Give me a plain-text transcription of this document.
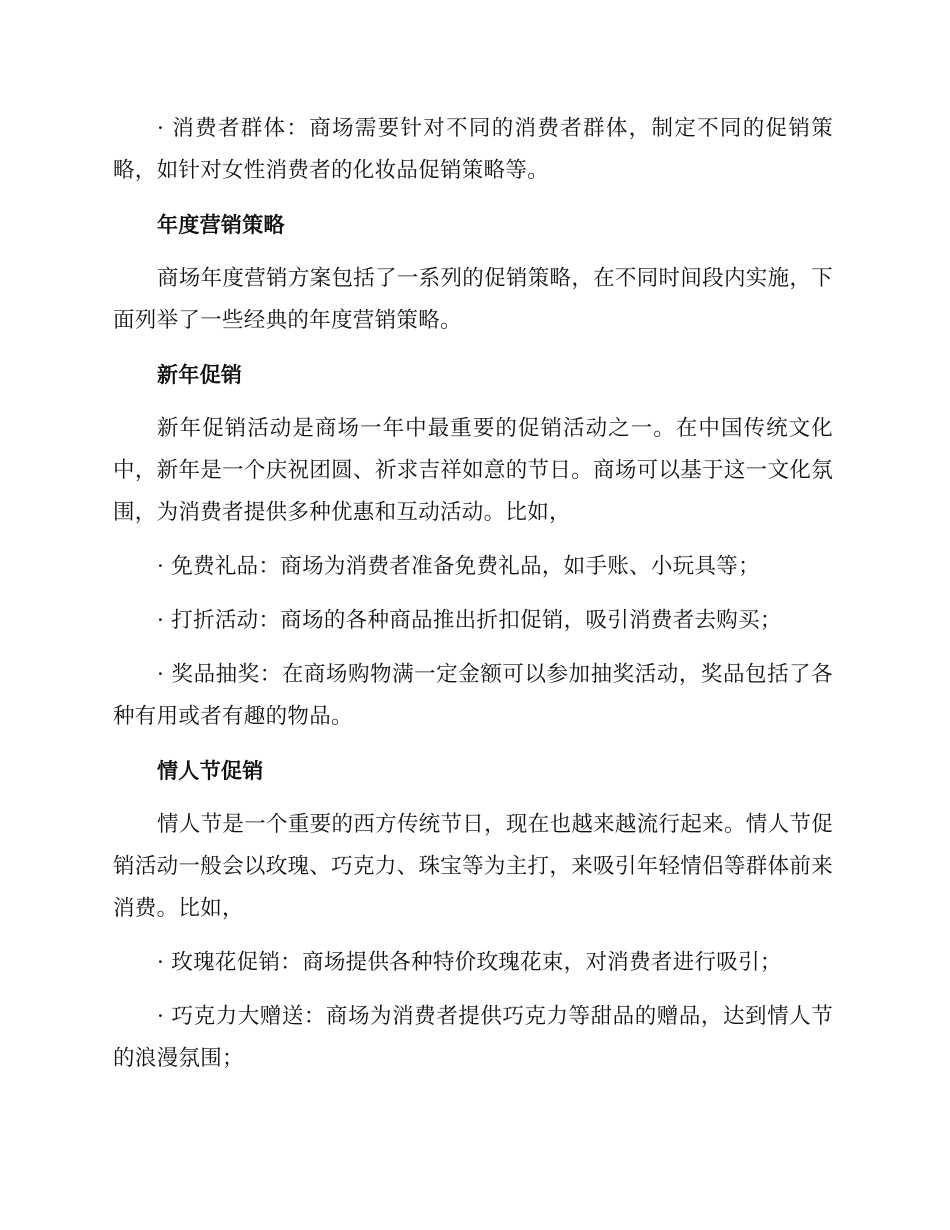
· 消费者群体：商场需要针对不同的消费者群体，制定不同的促销策略，如针对女性消费者的化妆品促销策略等。

年度营销策略

商场年度营销方案包括了一系列的促销策略，在不同时间段内实施，下面列举了一些经典的年度营销策略。

新年促销

新年促销活动是商场一年中最重要的促销活动之一。在中国传统文化中，新年是一个庆祝团圆、祈求吉祥如意的节日。商场可以基于这一文化氛围，为消费者提供多种优惠和互动活动。比如，

· 免费礼品：商场为消费者准备免费礼品，如手账、小玩具等；

· 打折活动：商场的各种商品推出折扣促销，吸引消费者去购买；

· 奖品抽奖：在商场购物满一定金额可以参加抽奖活动，奖品包括了各种有用或者有趣的物品。

情人节促销

情人节是一个重要的西方传统节日，现在也越来越流行起来。情人节促销活动一般会以玫瑰、巧克力、珠宝等为主打，来吸引年轻情侣等群体前来消费。比如，

· 玫瑰花促销：商场提供各种特价玫瑰花束，对消费者进行吸引；

· 巧克力大赠送：商场为消费者提供巧克力等甜品的赠品，达到情人节的浪漫氛围；
